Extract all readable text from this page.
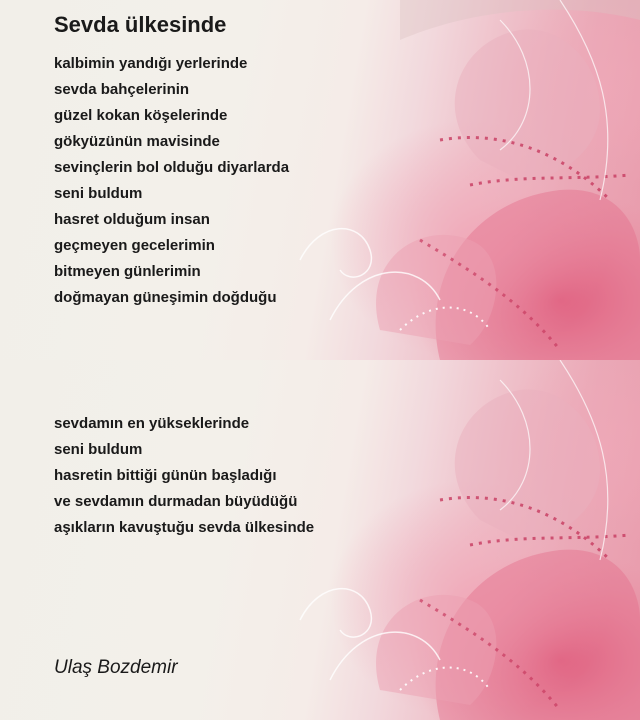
Sevda ülkesinde
kalbimin yandığı yerlerinde
sevda bahçelerinin
güzel kokan köşelerinde
gökyüzünün mavisinde
sevinçlerin bol olduğu diyarlarda
seni buldum
hasret olduğum insan
geçmeyen gecelerimin
bitmeyen günlerimin
doğmayan güneşimin doğduğu
sevdamın en yükseklerinde
seni buldum
hasretin bittiği günün başladığı
ve sevdamın durmadan büyüdüğü
aşıkların kavuştuğu sevda ülkesinde
Ulaş Bozdemir
